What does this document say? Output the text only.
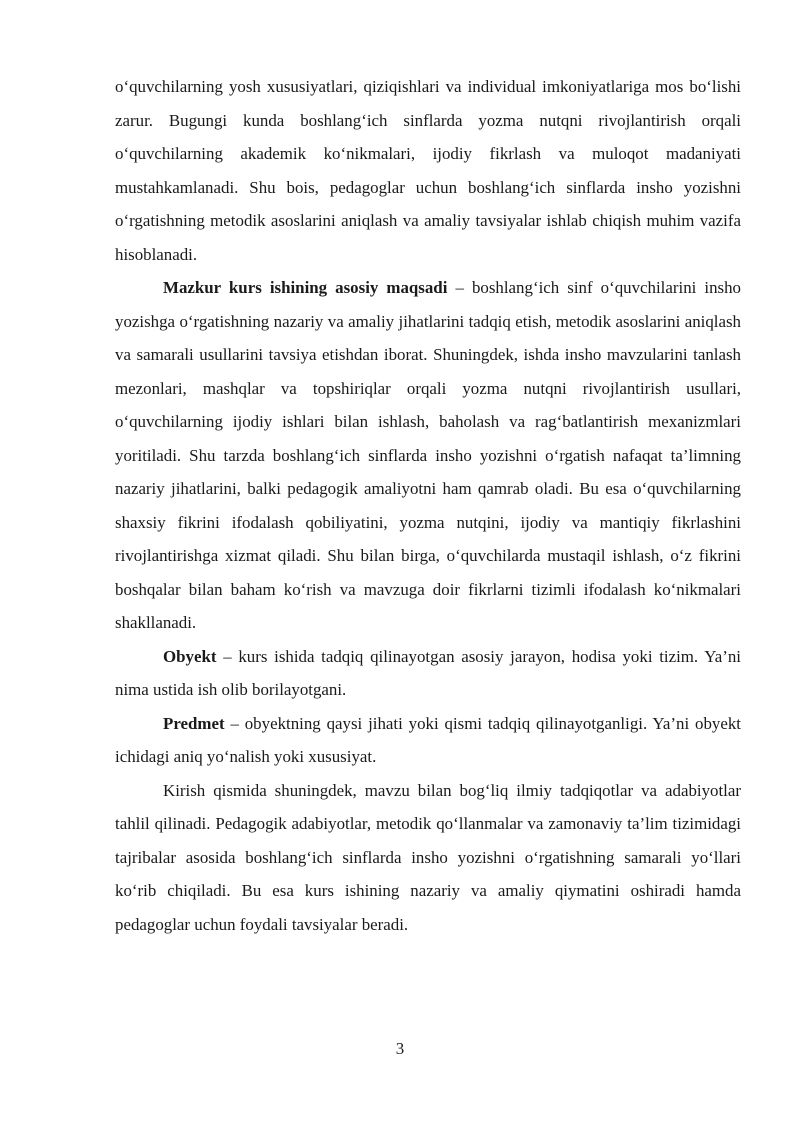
o‘quvchilarning yosh xususiyatlari, qiziqishlari va individual imkoniyatlariga mos bo‘lishi zarur. Bugungi kunda boshlang‘ich sinflarda yozma nutqni rivojlantirish orqali o‘quvchilarning akademik ko‘nikmalari, ijodiy fikrlash va muloqot madaniyati mustahkamlanadi. Shu bois, pedagoglar uchun boshlang‘ich sinflarda insho yozishni o‘rgatishning metodik asoslarini aniqlash va amaliy tavsiyalar ishlab chiqish muhim vazifa hisoblanadi.

Mazkur kurs ishining asosiy maqsadi – boshlang‘ich sinf o‘quvchilarini insho yozishga o‘rgatishning nazariy va amaliy jihatlarini tadqiq etish, metodik asoslarini aniqlash va samarali usullarini tavsiya etishdan iborat. Shuningdek, ishda insho mavzularini tanlash mezonlari, mashqlar va topshiriqlar orqali yozma nutqni rivojlantirish usullari, o‘quvchilarning ijodiy ishlari bilan ishlash, baholash va rag‘batlantirish mexanizmlari yoritiladi. Shu tarzda boshlang‘ich sinflarda insho yozishni o‘rgatish nafaqat ta’limning nazariy jihatlarini, balki pedagogik amaliyotni ham qamrab oladi. Bu esa o‘quvchilarning shaxsiy fikrini ifodalash qobiliyatini, yozma nutqini, ijodiy va mantiqiy fikrlashini rivojlantirishga xizmat qiladi. Shu bilan birga, o‘quvchilarda mustaqil ishlash, o‘z fikrini boshqalar bilan baham ko‘rish va mavzuga doir fikrlarni tizimli ifodalash ko‘nikmalari shakllanadi.

Obyekt – kurs ishida tadqiq qilinayotgan asosiy jarayon, hodisa yoki tizim. Ya’ni nima ustida ish olib borilayotgani.

Predmet – obyektning qaysi jihati yoki qismi tadqiq qilinayotganligi. Ya’ni obyekt ichidagi aniq yo‘nalish yoki xususiyat.

Kirish qismida shuningdek, mavzu bilan bog‘liq ilmiy tadqiqotlar va adabiyotlar tahlil qilinadi. Pedagogik adabiyotlar, metodik qo‘llanmalar va zamonaviy ta’lim tizimidagi tajribalar asosida boshlang‘ich sinflarda insho yozishni o‘rgatishning samarali yo‘llari ko‘rib chiqiladi. Bu esa kurs ishining nazariy va amaliy qiymatini oshiradi hamda pedagoglar uchun foydali tavsiyalar beradi.

3
